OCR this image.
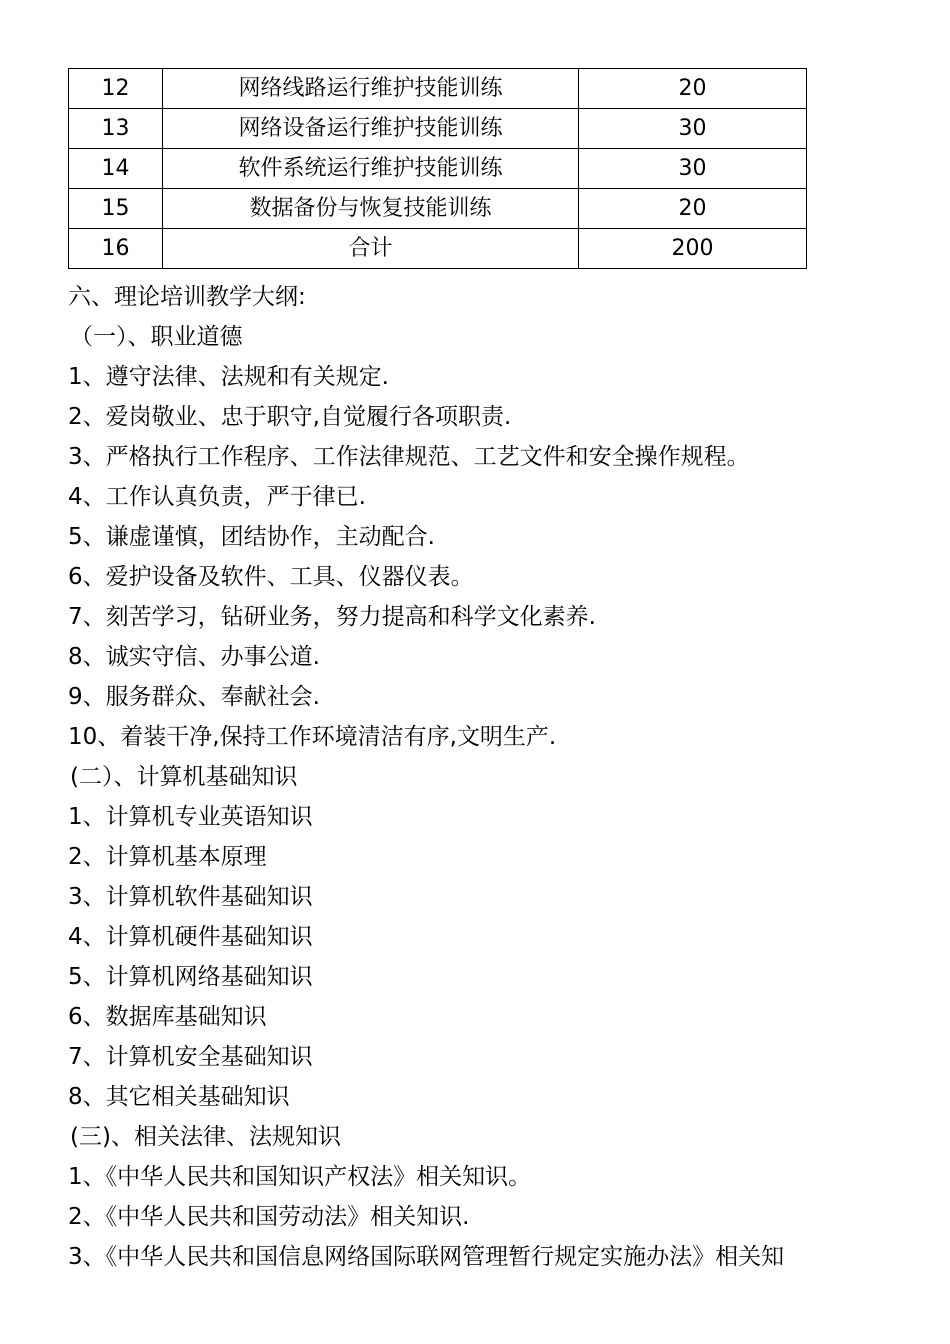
12	网络线路运行维护技能训练	20
13	网络设备运行维护技能训练	30
14	软件系统运行维护技能训练	30
15	数据备份与恢复技能训练	20
16	合计	200
六、理论培训教学大纲:
（一）、职业道德
1、遵守法律、法规和有关规定.
2、爱岗敬业、忠于职守,自觉履行各项职责.
3、严格执行工作程序、工作法律规范、工艺文件和安全操作规程。
4、工作认真负责，严于律已.
5、谦虚谨慎，团结协作，主动配合.
6、爱护设备及软件、工具、仪器仪表。
7、刻苦学习，钻研业务，努力提高和科学文化素养.
8、诚实守信、办事公道.
9、服务群众、奉献社会.
10、着装干净,保持工作环境清洁有序,文明生产.
(二）、计算机基础知识
1、计算机专业英语知识
2、计算机基本原理
3、计算机软件基础知识
4、计算机硬件基础知识
5、计算机网络基础知识
6、数据库基础知识
7、计算机安全基础知识
8、其它相关基础知识
(三)、相关法律、法规知识
1、《中华人民共和国知识产权法》相关知识。
2、《中华人民共和国劳动法》相关知识.
3、《中华人民共和国信息网络国际联网管理暂行规定实施办法》相关知
